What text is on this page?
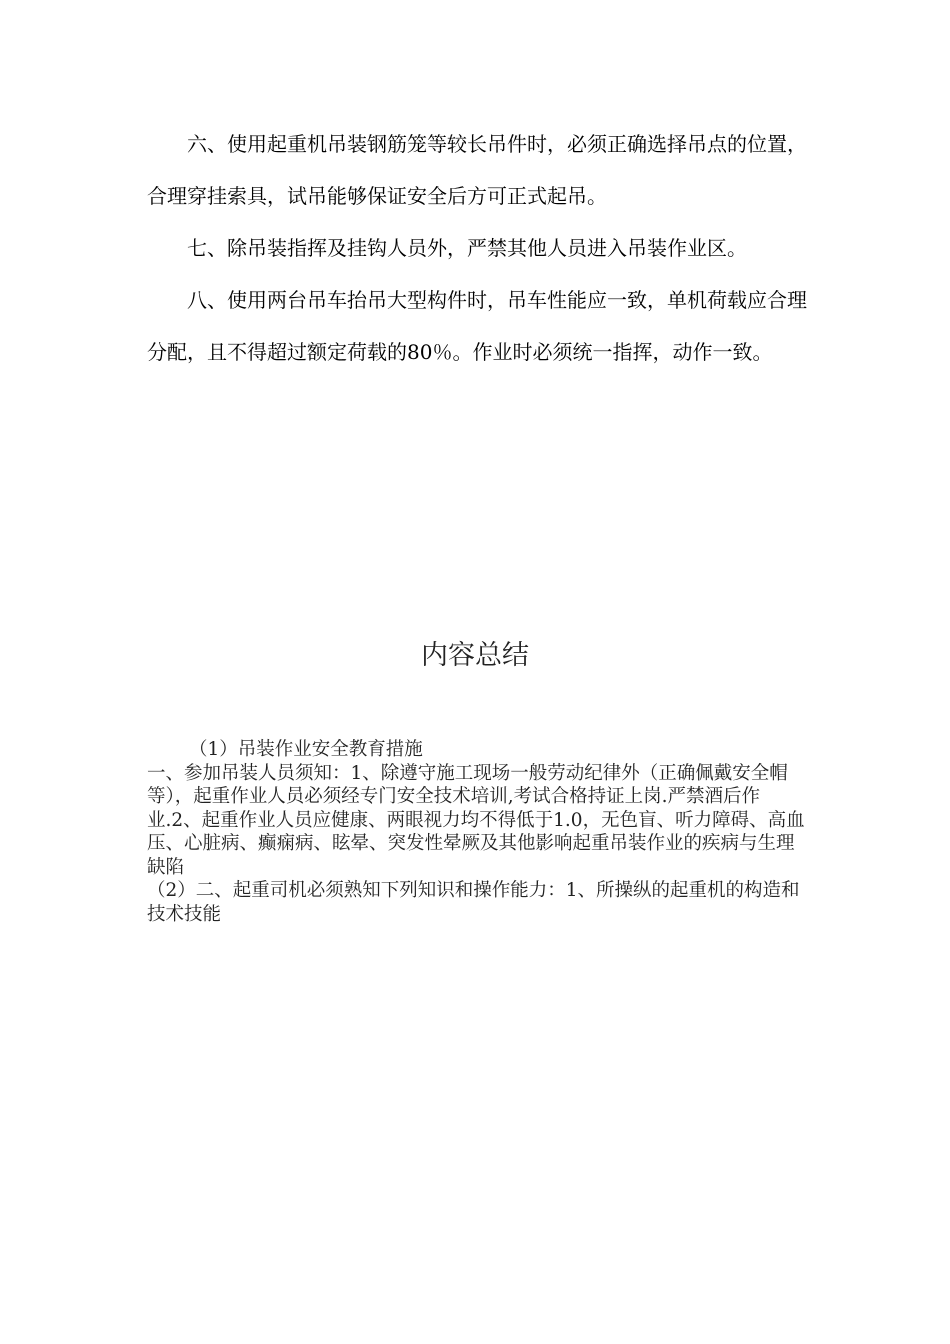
六、使用起重机吊装钢筋笼等较长吊件时，必须正确选择吊点的位置，合理穿挂索具，试吊能够保证安全后方可正式起吊。

七、除吊装指挥及挂钩人员外，严禁其他人员进入吊装作业区。

八、使用两台吊车抬吊大型构件时，吊车性能应一致，单机荷载应合理分配，且不得超过额定荷载的80％。作业时必须统一指挥，动作一致。

内容总结

（1）吊装作业安全教育措施

一、参加吊装人员须知：1、除遵守施工现场一般劳动纪律外（正确佩戴安全帽等），起重作业人员必须经专门安全技术培训,考试合格持证上岗.严禁酒后作业.2、起重作业人员应健康、两眼视力均不得低于1.0，无色盲、听力障碍、高血压、心脏病、癫痫病、眩晕、突发性晕厥及其他影响起重吊装作业的疾病与生理缺陷

（2）二、起重司机必须熟知下列知识和操作能力：1、所操纵的起重机的构造和技术技能
